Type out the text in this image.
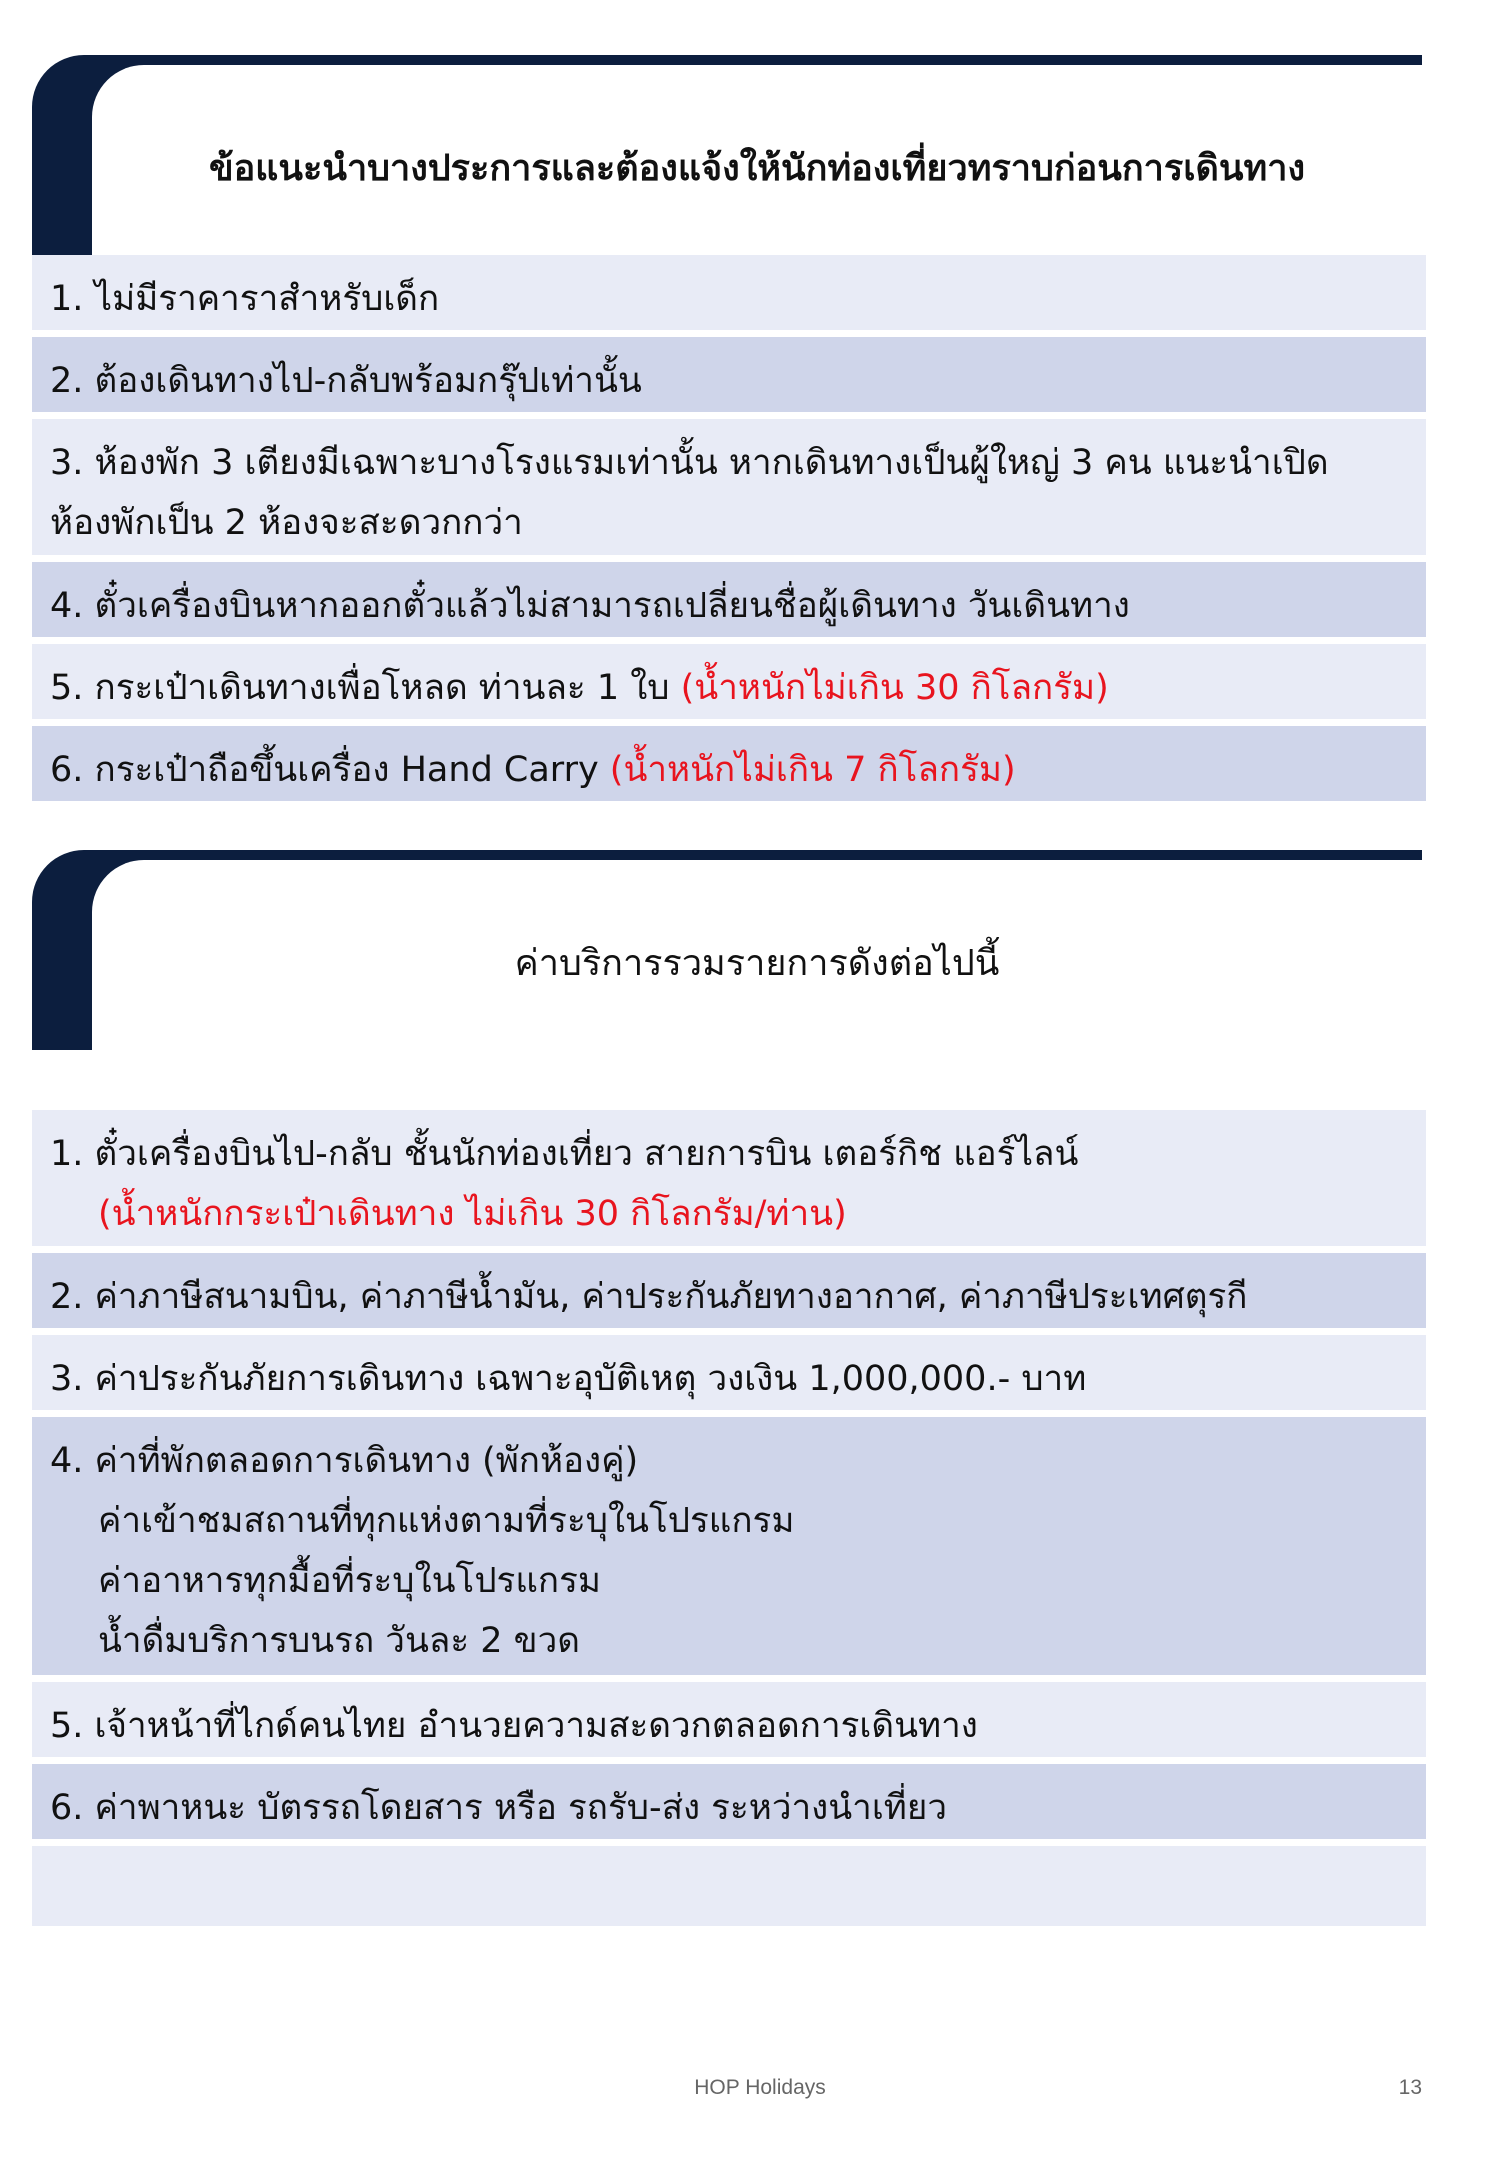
ข้อแนะนำบางประการและต้องแจ้งให้นักท่องเที่ยวทราบก่อนการเดินทาง
1. ไม่มีราคาราสำหรับเด็ก
2. ต้องเดินทางไป-กลับพร้อมกรุ๊ปเท่านั้น
3. ห้องพัก 3 เตียงมีเฉพาะบางโรงแรมเท่านั้น หากเดินทางเป็นผู้ใหญ่ 3 คน แนะนำเปิด
ห้องพักเป็น 2 ห้องจะสะดวกกว่า
4. ตั๋วเครื่องบินหากออกตั๋วแล้วไม่สามารถเปลี่ยนชื่อผู้เดินทาง วันเดินทาง
5. กระเป๋าเดินทางเพื่อโหลด ท่านละ 1 ใบ (น้ำหนักไม่เกิน 30 กิโลกรัม)
6. กระเป๋าถือขึ้นเครื่อง Hand Carry (น้ำหนักไม่เกิน 7 กิโลกรัม)
ค่าบริการรวมรายการดังต่อไปนี้
1. ตั๋วเครื่องบินไป-กลับ ชั้นนักท่องเที่ยว สายการบิน เตอร์กิช แอร์ไลน์
(น้ำหนักกระเป๋าเดินทาง ไม่เกิน 30 กิโลกรัม/ท่าน)
2. ค่าภาษีสนามบิน, ค่าภาษีน้ำมัน, ค่าประกันภัยทางอากาศ, ค่าภาษีประเทศตุรกี
3. ค่าประกันภัยการเดินทาง เฉพาะอุบัติเหตุ วงเงิน 1,000,000.- บาท
4. ค่าที่พักตลอดการเดินทาง (พักห้องคู่)
ค่าเข้าชมสถานที่ทุกแห่งตามที่ระบุในโปรแกรม
ค่าอาหารทุกมื้อที่ระบุในโปรแกรม
น้ำดื่มบริการบนรถ วันละ 2 ขวด
5. เจ้าหน้าที่ไกด์คนไทย อำนวยความสะดวกตลอดการเดินทาง
6. ค่าพาหนะ บัตรรถโดยสาร หรือ รถรับ-ส่ง ระหว่างนำเที่ยว
HOP Holidays	13
